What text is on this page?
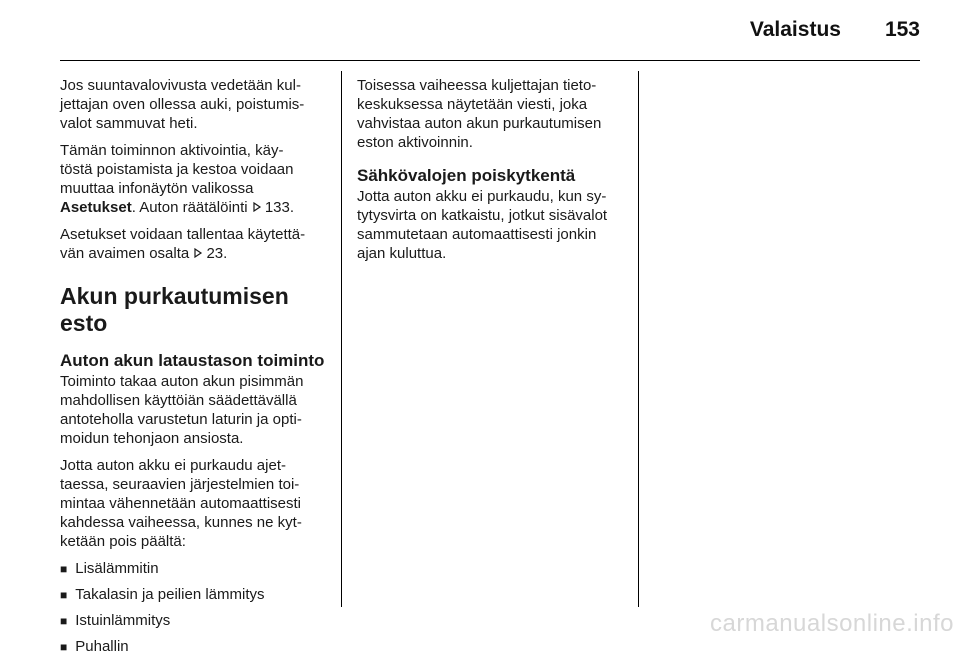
Valaistus 153

Jos suuntavalovivusta vedetään kul-
jettajan oven ollessa auki, poistumis-
valot sammuvat heti.

Tämän toiminnon aktivointia, käy-
töstä poistamista ja kestoa voidaan
muuttaa infonäytön valikossa
Asetukset. Auton räätälöinti  133.

Asetukset voidaan tallentaa käytettä-
vän avaimen osalta  23.

Akun purkautumisen esto
Auton akun lataustason toiminto

Toiminto takaa auton akun pisimmän
mahdollisen käyttöiän säädettävällä
antoteholla varustetun laturin ja opti-
moidun tehonjaon ansiosta.

Jotta auton akku ei purkaudu ajet-
taessa, seuraavien järjestelmien toi-
mintaa vähennetään automaattisesti
kahdessa vaiheessa, kunnes ne kyt-
ketään pois päältä:

■ Lisälämmitin
■ Takalasin ja peilien lämmitys
■ Istuinlämmitys
■ Puhallin

Toisessa vaiheessa kuljettajan tieto-
keskuksessa näytetään viesti, joka
vahvistaa auton akun purkautumisen
eston aktivoinnin.

Sähkövalojen poiskytkentä

Jotta auton akku ei purkaudu, kun sy-
tytysvirta on katkaistu, jotkut sisävalot
sammutetaan automaattisesti jonkin
ajan kuluttua.

carmanualsonline.info
